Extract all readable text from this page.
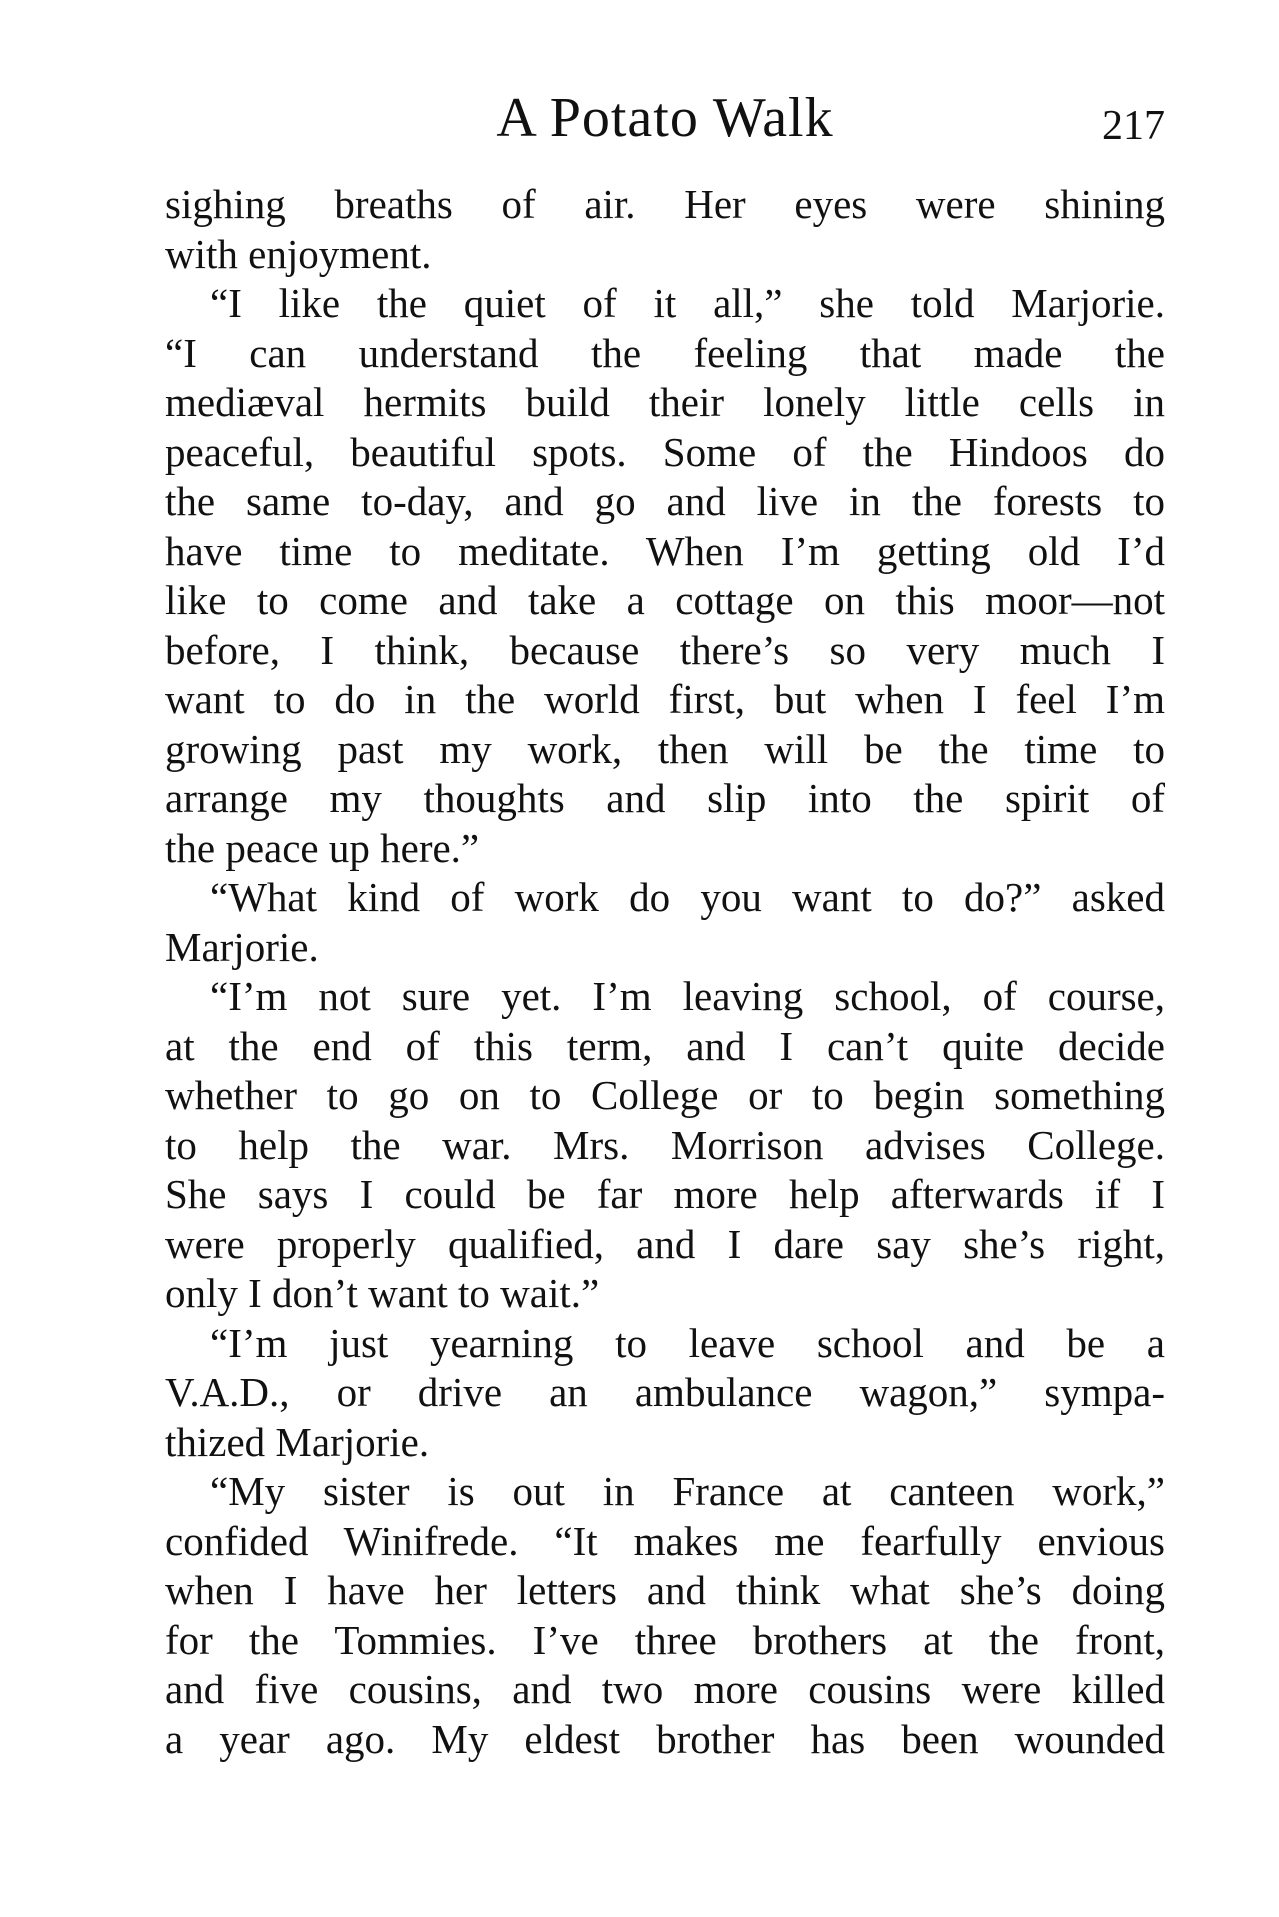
A Potato Walk	217
sighing breaths of air. Her eyes were shining
with enjoyment.
“I like the quiet of it all,” she told Marjorie.
“I can understand the feeling that made the
mediæval hermits build their lonely little cells in
peaceful, beautiful spots. Some of the Hindoos do
the same to-day, and go and live in the forests to
have time to meditate. When I’m getting old I’d
like to come and take a cottage on this moor—not
before, I think, because there’s so very much I
want to do in the world first, but when I feel I’m
growing past my work, then will be the time to
arrange my thoughts and slip into the spirit of
the peace up here.”
“What kind of work do you want to do?” asked
Marjorie.
“I’m not sure yet. I’m leaving school, of course,
at the end of this term, and I can’t quite decide
whether to go on to College or to begin something
to help the war. Mrs. Morrison advises College.
She says I could be far more help afterwards if I
were properly qualified, and I dare say she’s right,
only I don’t want to wait.”
“I’m just yearning to leave school and be a
V.A.D., or drive an ambulance wagon,” sympa-
thized Marjorie.
“My sister is out in France at canteen work,”
confided Winifrede. “It makes me fearfully envious
when I have her letters and think what she’s doing
for the Tommies. I’ve three brothers at the front,
and five cousins, and two more cousins were killed
a year ago. My eldest brother has been wounded
